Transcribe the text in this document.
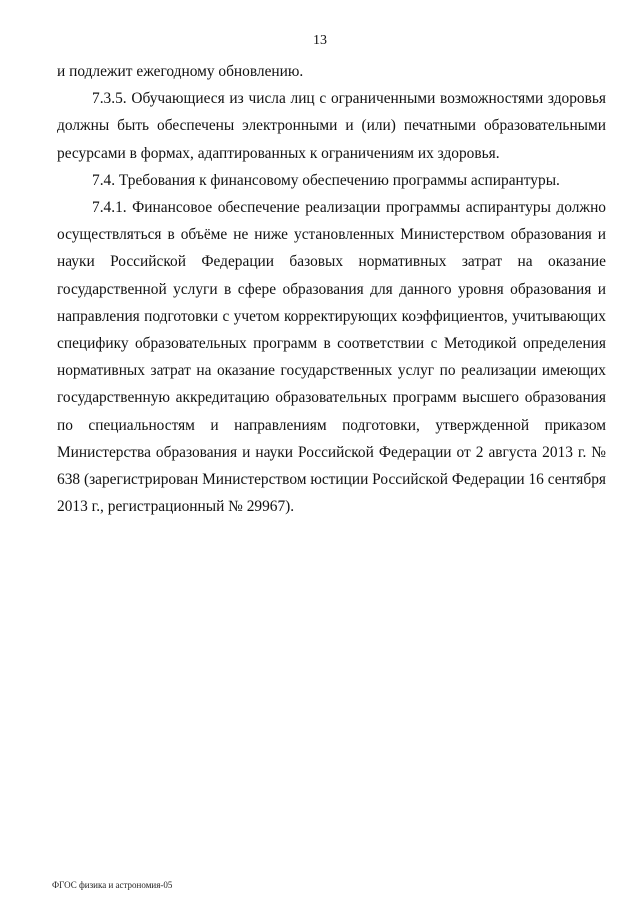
13

и подлежит ежегодному обновлению.

7.3.5. Обучающиеся из числа лиц с ограниченными возможностями здоровья должны быть обеспечены электронными и (или) печатными образовательными ресурсами в формах, адаптированных к ограничениям их здоровья.

7.4. Требования к финансовому обеспечению программы аспирантуры.

7.4.1. Финансовое обеспечение реализации программы аспирантуры должно осуществляться в объёме не ниже установленных Министерством образования и науки Российской Федерации базовых нормативных затрат на оказание государственной услуги в сфере образования для данного уровня образования и направления подготовки с учетом корректирующих коэффициентов, учитывающих специфику образовательных программ в соответствии с Методикой определения нормативных затрат на оказание государственных услуг по реализации имеющих государственную аккредитацию образовательных программ высшего образования по специальностям и направлениям подготовки, утвержденной приказом Министерства образования и науки Российской Федерации от 2 августа 2013 г. № 638 (зарегистрирован Министерством юстиции Российской Федерации 16 сентября 2013 г., регистрационный № 29967).

ФГОС физика и астрономия-05
